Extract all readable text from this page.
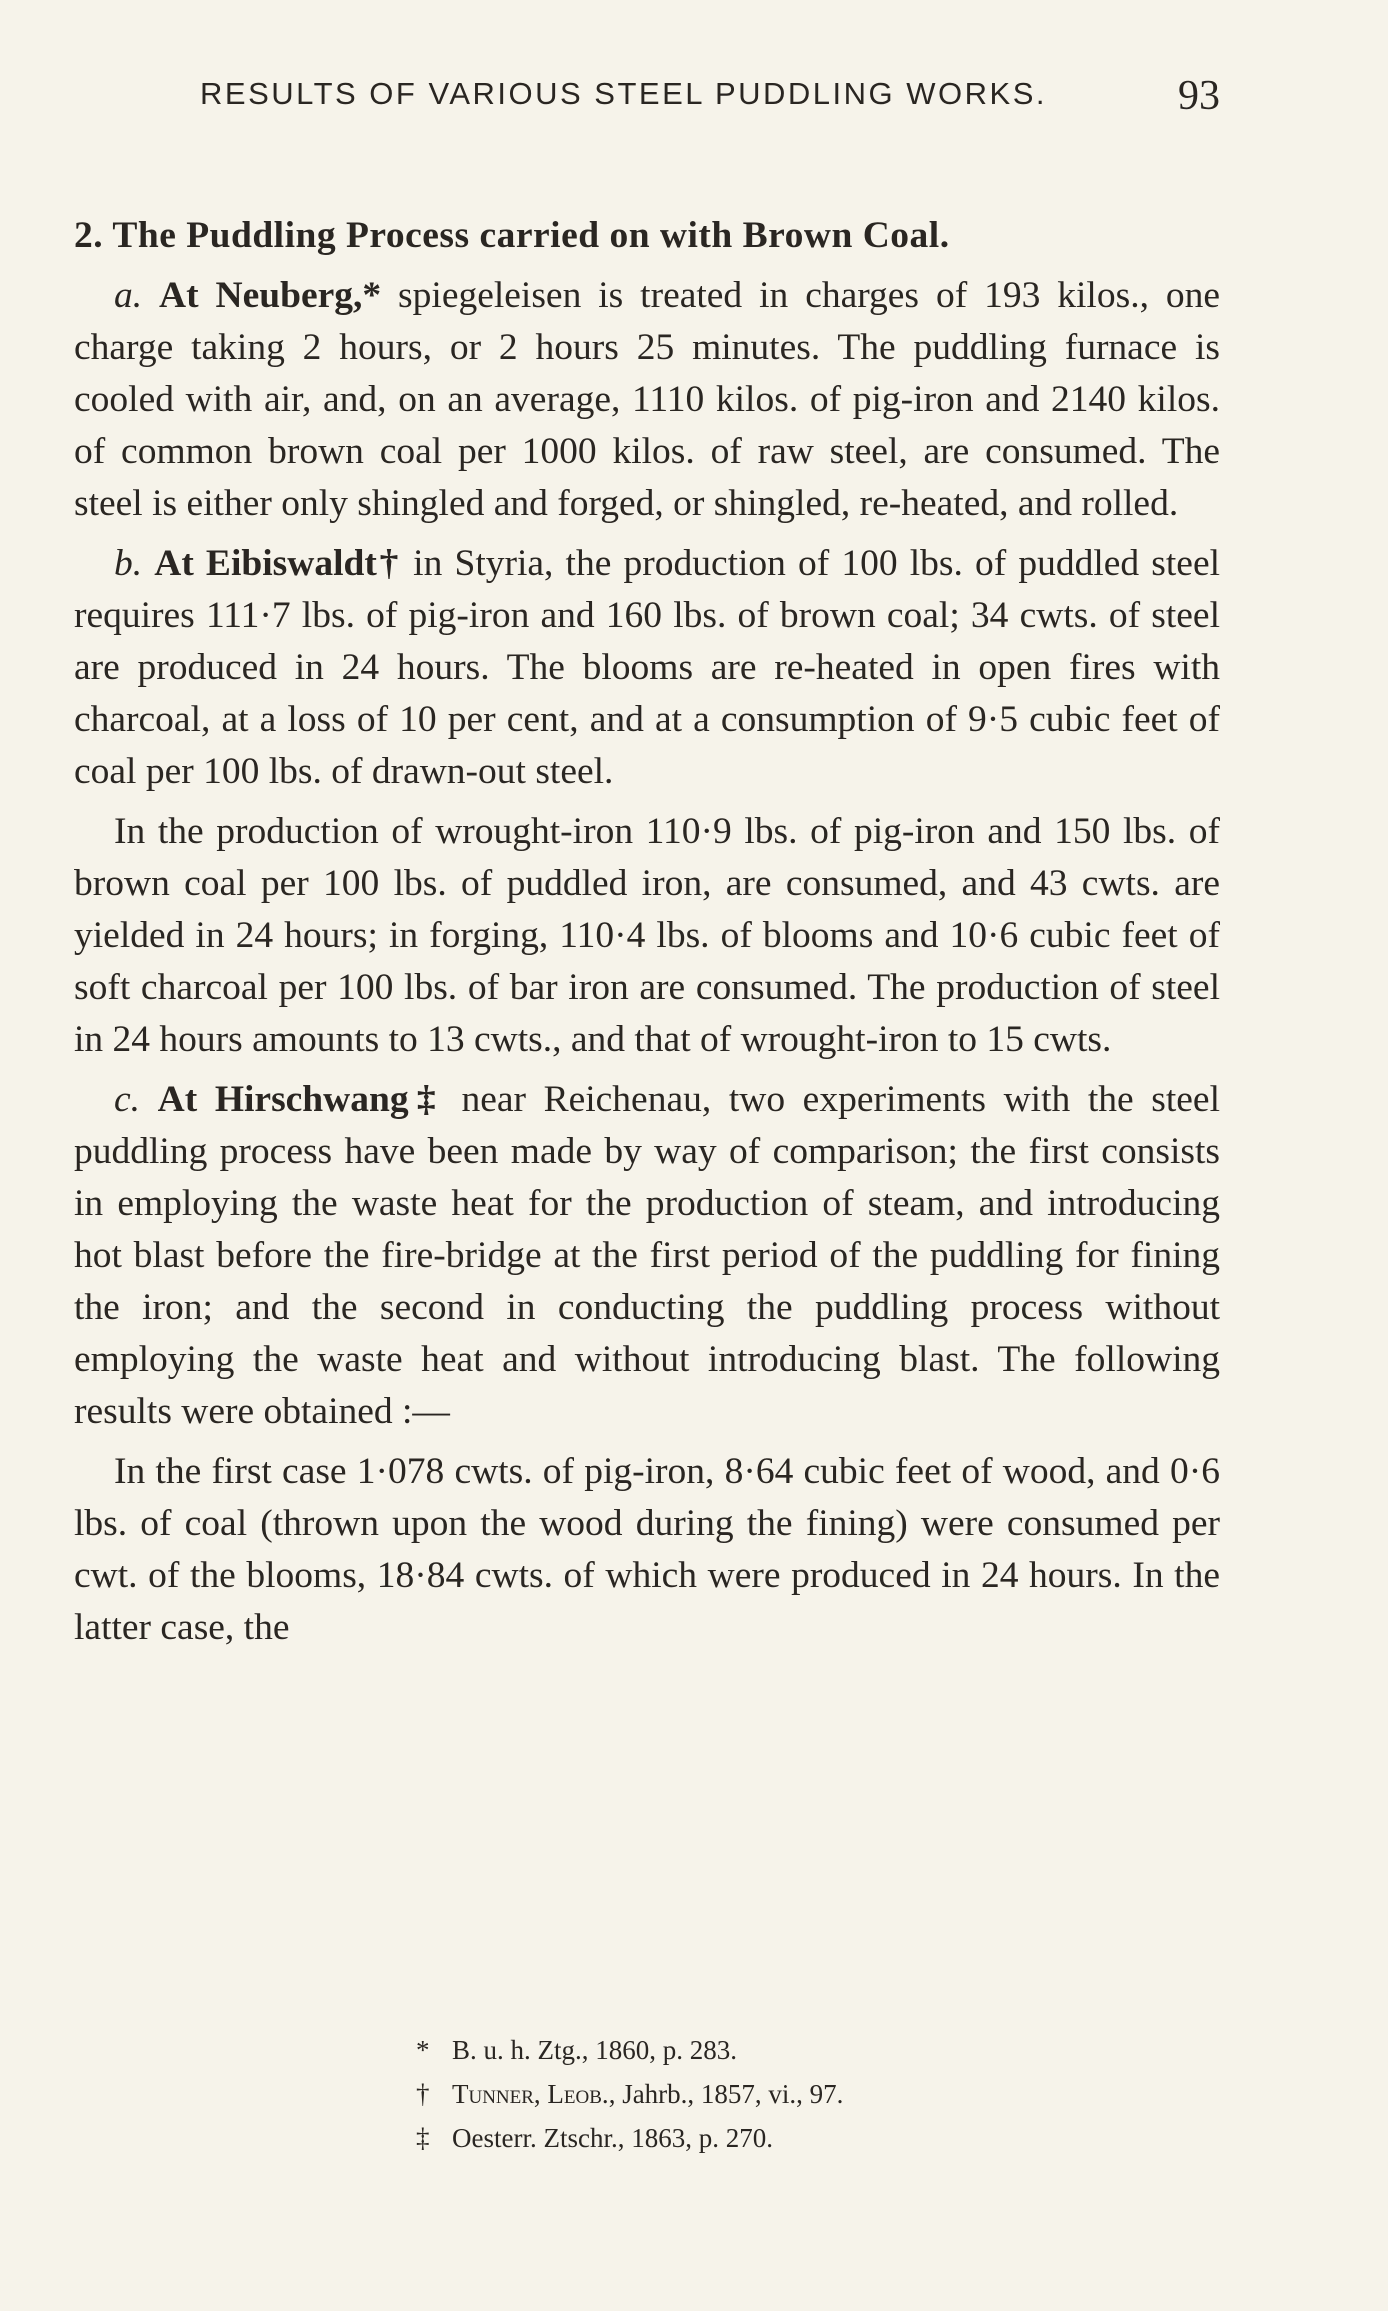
RESULTS OF VARIOUS STEEL PUDDLING WORKS.	93

2. The Puddling Process carried on with Brown Coal.

a. At Neuberg,* spiegeleisen is treated in charges of 193 kilos., one charge taking 2 hours, or 2 hours 25 minutes. The puddling furnace is cooled with air, and, on an average, 1110 kilos. of pig-iron and 2140 kilos. of common brown coal per 1000 kilos. of raw steel, are consumed. The steel is either only shingled and forged, or shingled, re-heated, and rolled.

b. At Eibiswaldt† in Styria, the production of 100 lbs. of puddled steel requires 111·7 lbs. of pig-iron and 160 lbs. of brown coal; 34 cwts. of steel are produced in 24 hours. The blooms are re-heated in open fires with charcoal, at a loss of 10 per cent, and at a consumption of 9·5 cubic feet of coal per 100 lbs. of drawn-out steel.

In the production of wrought-iron 110·9 lbs. of pig-iron and 150 lbs. of brown coal per 100 lbs. of puddled iron, are consumed, and 43 cwts. are yielded in 24 hours; in forging, 110·4 lbs. of blooms and 10·6 cubic feet of soft charcoal per 100 lbs. of bar iron are consumed. The production of steel in 24 hours amounts to 13 cwts., and that of wrought-iron to 15 cwts.

c. At Hirschwang‡ near Reichenau, two experiments with the steel puddling process have been made by way of comparison; the first consists in employing the waste heat for the production of steam, and introducing hot blast before the fire-bridge at the first period of the puddling for fining the iron; and the second in conducting the puddling process without employing the waste heat and without introducing blast. The following results were obtained :—

In the first case 1·078 cwts. of pig-iron, 8·64 cubic feet of wood, and 0·6 lbs. of coal (thrown upon the wood during the fining) were consumed per cwt. of the blooms, 18·84 cwts. of which were produced in 24 hours. In the latter case, the

* B. u. h. Ztg., 1860, p. 283.
† Tunner, Leob., Jahrb., 1857, vi., 97.
‡ Oesterr. Ztschr., 1863, p. 270.
